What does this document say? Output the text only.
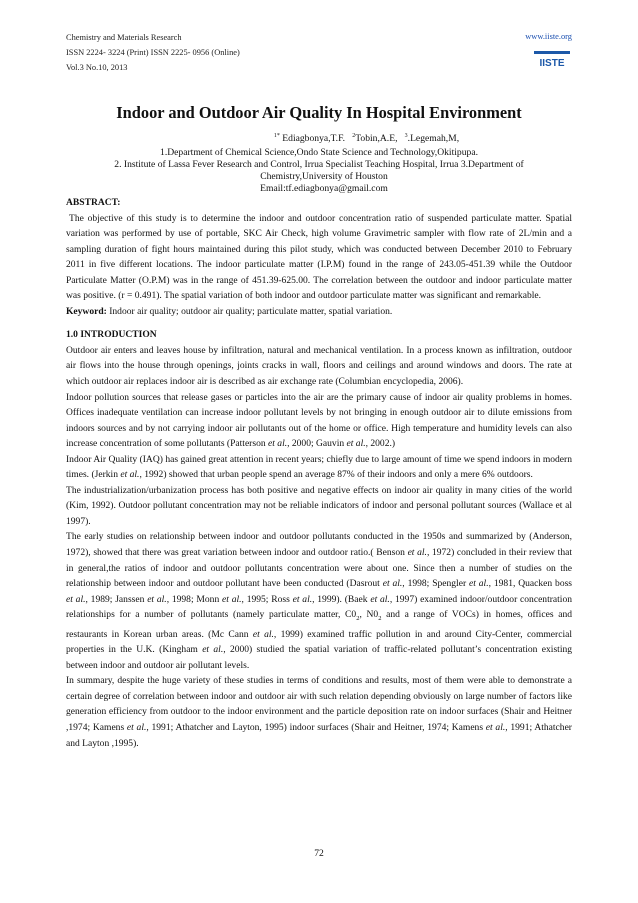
Chemistry and Materials Research
ISSN 2224- 3224 (Print) ISSN 2225- 0956 (Online)
Vol.3 No.10, 2013
www.iiste.org
IISTE
Indoor and Outdoor Air Quality In Hospital Environment
$^{1*}$ Ediagbonya,T.F. $^2$Tobin,A.E, $^3$.Legemah,M,
1.Department of Chemical Science,Ondo State Science and Technology,Okitipupa.
2. Institute of Lassa Fever Research and Control, Irrua Specialist Teaching Hospital, Irrua 3.Department of
Chemistry,University of Houston
Email:tf.ediagbonya@gmail.com

ABSTRACT:

The objective of this study is to determine the indoor and outdoor concentration ratio of suspended particulate matter. Spatial variation was performed by use of portable, SKC Air Check, high volume Gravimetric sampler with flow rate of 2L/min and a sampling duration of fight hours maintained during this pilot study, which was conducted between December 2010 to February 2011 in five different locations. The indoor particulate matter (I.P.M) found in the range of 243.05-451.39 while the Outdoor Particulate Matter (O.P.M) was in the range of 451.39-625.00. The correlation between the outdoor and indoor particulate matter was positive. (r = 0.491). The spatial variation of both indoor and outdoor particulate matter was significant and remarkable.

Keyword: Indoor air quality; outdoor air quality; particulate matter, spatial variation.

1.0 INTRODUCTION

Outdoor air enters and leaves house by infiltration, natural and mechanical ventilation. In a process known as infiltration, outdoor air flows into the house through openings, joints cracks in wall, floors and ceilings and around windows and doors. The rate at which outdoor air replaces indoor air is described as air exchange rate (Columbian encyclopedia, 2006).

Indoor pollution sources that release gases or particles into the air are the primary cause of indoor air quality problems in homes. Offices inadequate ventilation can increase indoor pollutant levels by not bringing in enough outdoor air to dilute emissions from indoors sources and by not carrying indoor air pollutants out of the home or office. High temperature and humidity levels can also increase concentration of some pollutants (Patterson et al., 2000; Gauvin et al., 2002.)

Indoor Air Quality (IAQ) has gained great attention in recent years; chiefly due to large amount of time we spend indoors in modern times. (Jerkin et al., 1992) showed that urban people spend an average 87% of their indoors and only a mere 6% outdoors.

The industrialization/urbanization process has both positive and negative effects on indoor air quality in many cities of the world (Kim, 1992). Outdoor pollutant concentration may not be reliable indicators of indoor and personal pollutant sources (Wallace et al 1997).

The early studies on relationship between indoor and outdoor pollutants conducted in the 1950s and summarized by (Anderson, 1972), showed that there was great variation between indoor and outdoor ratio.( Benson et al., 1972) concluded in their review that in general,the ratios of indoor and outdoor pollutants concentration were about one. Since then a number of studies on the relationship between indoor and outdoor pollutant have been conducted (Dasrout et al., 1998; Spengler et al., 1981, Quacken boss et al., 1989; Janssen et al., 1998; Monn et al., 1995; Ross et al., 1999). (Baek et al., 1997) examined indoor/outdoor concentration relationships for a number of pollutants (namely particulate matter, $C0_2$, $N0_2$ and a range of VOCs) in homes, offices and restaurants in Korean urban areas. (Mc Cann et al., 1999) examined traffic pollution in and around City-Center, commercial properties in the U.K. (Kingham et al., 2000) studied the spatial variation of traffic-related pollutant’s concentration existing between indoor and outdoor air pollutant levels.

In summary, despite the huge variety of these studies in terms of conditions and results, most of them were able to demonstrate a certain degree of correlation between indoor and outdoor air with such relation depending obviously on large number of factors like generation efficiency from outdoor to the indoor environment and the particle deposition rate on indoor surfaces (Shair and Heitner ,1974; Kamens et al., 1991; Athatcher and Layton, 1995) indoor surfaces (Shair and Heitner, 1974; Kamens et al., 1991; Athatcher and Layton ,1995).

72
